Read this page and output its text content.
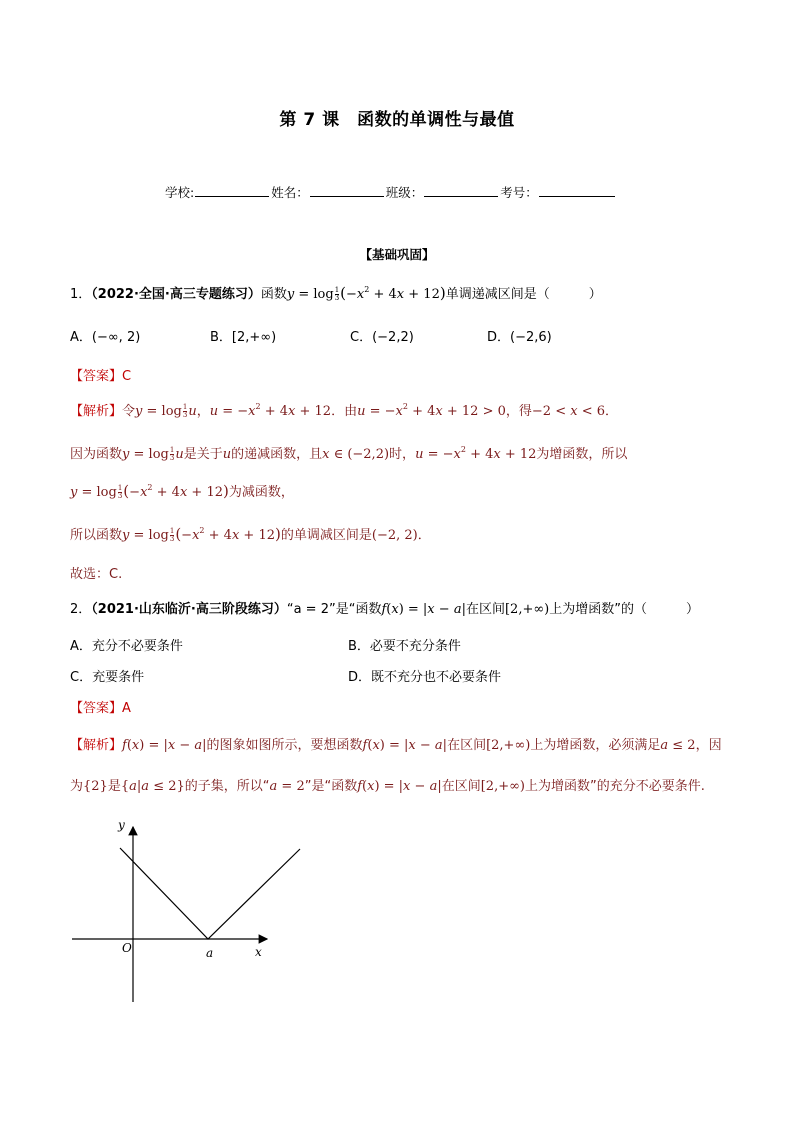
第 7 课　函数的单调性与最值
学校:	姓名：	班级：	考号：
【基础巩固】
1．（2022·全国·高三专题练习）函数$y = \log \frac{1}{3} (-x^2 + 4x + 12)$单调递减区间是（　　　）
A．(−∞, 2)	B．[2,+∞)	C．(−2,2)	D．(−2,6)
【答案】C
【解析】令$y = \log \frac{1}{3}$ u，$u = -x^2 + 4x + 12$．由$u = -x^2 + 4x + 12 > 0$，得−2 < x < 6．
因为函数$y = \log \frac{1}{3}$ u是关于u的递减函数，且x ∈ (−2,2)时，$u = -x^2 + 4x + 12$为增函数，所以
$y = \log \frac{1}{3} (-x^2 + 4x + 12)$为减函数，
所以函数$y = \log \frac{1}{3} (-x^2 + 4x + 12)$的单调减区间是(−2, 2)．
故选：C.
2．（2021·山东临沂·高三阶段练习）“a = 2”是“函数f(x) = |x − a|在区间[2,+∞)上为增函数”的（　　　）
A．充分不必要条件	B．必要不充分条件
C．充要条件	D．既不充分也不必要条件
【答案】A
【解析】f(x) = |x − a|的图象如图所示，要想函数f(x) = |x − a|在区间[2,+∞)上为增函数，必须满足a ≤ 2，因
为{2}是{a|a ≤ 2}的子集，所以“a = 2”是“函数f(x) = |x − a|在区间[2,+∞)上为增函数”的充分不必要条件.
y
x
O	a
